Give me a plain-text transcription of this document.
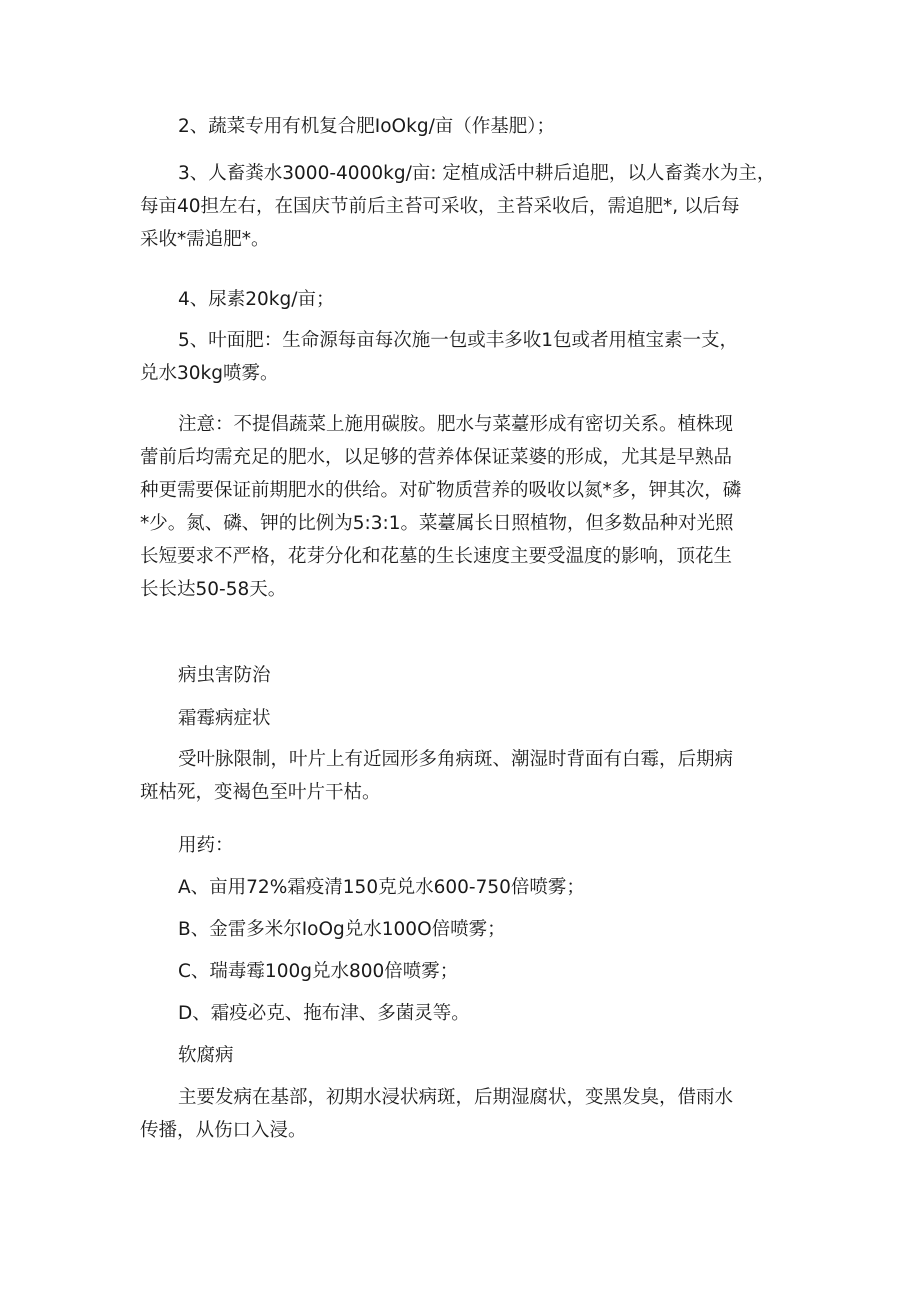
2、蔬菜专用有机复合肥IoOkg/亩（作基肥）；

3、人畜粪水3000-4000kg/亩: 定植成活中耕后追肥，以人畜粪水为主，
每亩40担左右，在国庆节前后主苔可采收，主苔采收后，需追肥*, 以后每
采收*需追肥*。

4、尿素20kg∕亩；

5、叶面肥：生命源每亩每次施一包或丰多收1包或者用植宝素一支，
兑水30kg喷雾。

注意：不提倡蔬菜上施用碳胺。肥水与菜薹形成有密切关系。植株现
蕾前后均需充足的肥水，以足够的营养体保证菜婆的形成，尤其是早熟品
种更需要保证前期肥水的供给。对矿物质营养的吸收以氮*多，钾其次，磷
*少。氮、磷、钾的比例为5:3:1。菜薹属长日照植物，但多数品种对光照
长短要求不严格，花芽分化和花墓的生长速度主要受温度的影响，顶花生
长长达50-58天。

病虫害防治

霜霉病症状

受叶脉限制，叶片上有近园形多角病斑、潮湿时背面有白霉，后期病
斑枯死，变褐色至叶片干枯。

用药：

A、亩用72%霜疫清150克兑水600-750倍喷雾；

B、金雷多米尔IoOg兑水100O倍喷雾；

C、瑞毒霉100g兑水800倍喷雾；

D、霜疫必克、拖布津、多菌灵等。

软腐病

主要发病在基部，初期水浸状病斑，后期湿腐状，变黑发臭，借雨水
传播，从伤口入浸。
